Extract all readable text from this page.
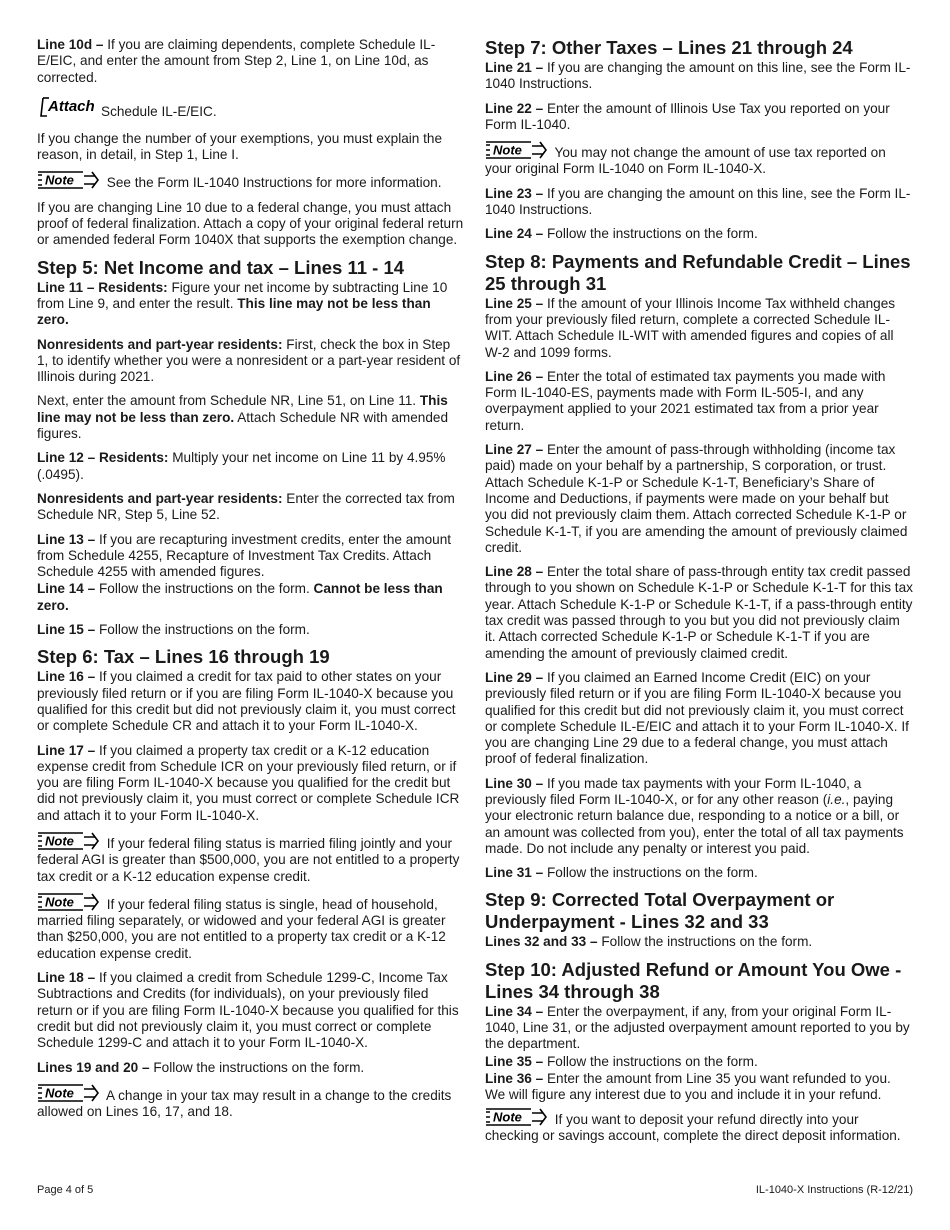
Line 10d – If you are claiming dependents, complete Schedule IL-E/EIC, and enter the amount from Step 2, Line 1, on Line 10d, as corrected.

Attach Schedule IL-E/EIC.

If you change the number of your exemptions, you must explain the reason, in detail, in Step 1, Line I.

Note See the Form IL-1040 Instructions for more information.

If you are changing Line 10 due to a federal change, you must attach proof of federal finalization. Attach a copy of your original federal return or amended federal Form 1040X that supports the exemption change.

Step 5: Net Income and tax – Lines 11 - 14

Line 11 – Residents: Figure your net income by subtracting Line 10 from Line 9, and enter the result. This line may not be less than zero.

Nonresidents and part-year residents: First, check the box in Step 1, to identify whether you were a nonresident or a part-year resident of Illinois during 2021.

Next, enter the amount from Schedule NR, Line 51, on Line 11. This line may not be less than zero. Attach Schedule NR with amended figures.

Line 12 – Residents: Multiply your net income on Line 11 by 4.95% (.0495).

Nonresidents and part-year residents: Enter the corrected tax from Schedule NR, Step 5, Line 52.

Line 13 – If you are recapturing investment credits, enter the amount from Schedule 4255, Recapture of Investment Tax Credits. Attach Schedule 4255 with amended figures.

Line 14 – Follow the instructions on the form. Cannot be less than zero.

Line 15 – Follow the instructions on the form.

Step 6: Tax – Lines 16 through 19

Line 16 – If you claimed a credit for tax paid to other states on your previously filed return or if you are filing Form IL-1040-X because you qualified for this credit but did not previously claim it, you must correct or complete Schedule CR and attach it to your Form IL-1040-X.

Line 17 – If you claimed a property tax credit or a K-12 education expense credit from Schedule ICR on your previously filed return, or if you are filing Form IL-1040-X because you qualified for the credit but did not previously claim it, you must correct or complete Schedule ICR and attach it to your Form IL-1040-X.

Note If your federal filing status is married filing jointly and your federal AGI is greater than $500,000, you are not entitled to a property tax credit or a K-12 education expense credit.

Note If your federal filing status is single, head of household, married filing separately, or widowed and your federal AGI is greater than $250,000, you are not entitled to a property tax credit or a K-12 education expense credit.

Line 18 – If you claimed a credit from Schedule 1299-C, Income Tax Subtractions and Credits (for individuals), on your previously filed return or if you are filing Form IL-1040-X because you qualified for this credit but did not previously claim it, you must correct or complete Schedule 1299-C and attach it to your Form IL-1040-X.

Lines 19 and 20 – Follow the instructions on the form.

Note A change in your tax may result in a change to the credits allowed on Lines 16, 17, and 18.

Step 7: Other Taxes – Lines 21 through 24

Line 21 – If you are changing the amount on this line, see the Form IL-1040 Instructions.

Line 22 – Enter the amount of Illinois Use Tax you reported on your Form IL-1040.

Note You may not change the amount of use tax reported on your original Form IL-1040 on Form IL-1040-X.

Line 23 – If you are changing the amount on this line, see the Form IL-1040 Instructions.

Line 24 – Follow the instructions on the form.

Step 8: Payments and Refundable Credit – Lines 25 through 31

Line 25 – If the amount of your Illinois Income Tax withheld changes from your previously filed return, complete a corrected Schedule IL-WIT. Attach Schedule IL-WIT with amended figures and copies of all W-2 and 1099 forms.

Line 26 – Enter the total of estimated tax payments you made with Form IL-1040-ES, payments made with Form IL-505-I, and any overpayment applied to your 2021 estimated tax from a prior year return.

Line 27 – Enter the amount of pass-through withholding (income tax paid) made on your behalf by a partnership, S corporation, or trust. Attach Schedule K-1-P or Schedule K-1-T, Beneficiary’s Share of Income and Deductions, if payments were made on your behalf but you did not previously claim them. Attach corrected Schedule K-1-P or Schedule K-1-T, if you are amending the amount of previously claimed credit.

Line 28 – Enter the total share of pass-through entity tax credit passed through to you shown on Schedule K-1-P or Schedule K-1-T for this tax year. Attach Schedule K-1-P or Schedule K-1-T, if a pass-through entity tax credit was passed through to you but you did not previously claim it. Attach corrected Schedule K-1-P or Schedule K-1-T if you are amending the amount of previously claimed credit.

Line 29 – If you claimed an Earned Income Credit (EIC) on your previously filed return or if you are filing Form IL-1040-X because you qualified for this credit but did not previously claim it, you must correct or complete Schedule IL-E/EIC and attach it to your Form IL-1040-X. If you are changing Line 29 due to a federal change, you must attach proof of federal finalization.

Line 30 – If you made tax payments with your Form IL-1040, a previously filed Form IL-1040-X, or for any other reason (i.e., paying your electronic return balance due, responding to a notice or a bill, or an amount was collected from you), enter the total of all tax payments made. Do not include any penalty or interest you paid.

Line 31 – Follow the instructions on the form.

Step 9: Corrected Total Overpayment or Underpayment - Lines 32 and 33

Lines 32 and 33 – Follow the instructions on the form.

Step 10: Adjusted Refund or Amount You Owe - Lines 34 through 38

Line 34 – Enter the overpayment, if any, from your original Form IL-1040, Line 31, or the adjusted overpayment amount reported to you by the department.

Line 35 – Follow the instructions on the form.

Line 36 – Enter the amount from Line 35 you want refunded to you. We will figure any interest due to you and include it in your refund.

Note If you want to deposit your refund directly into your checking or savings account, complete the direct deposit information.

Page 4 of 5	IL-1040-X Instructions (R-12/21)
